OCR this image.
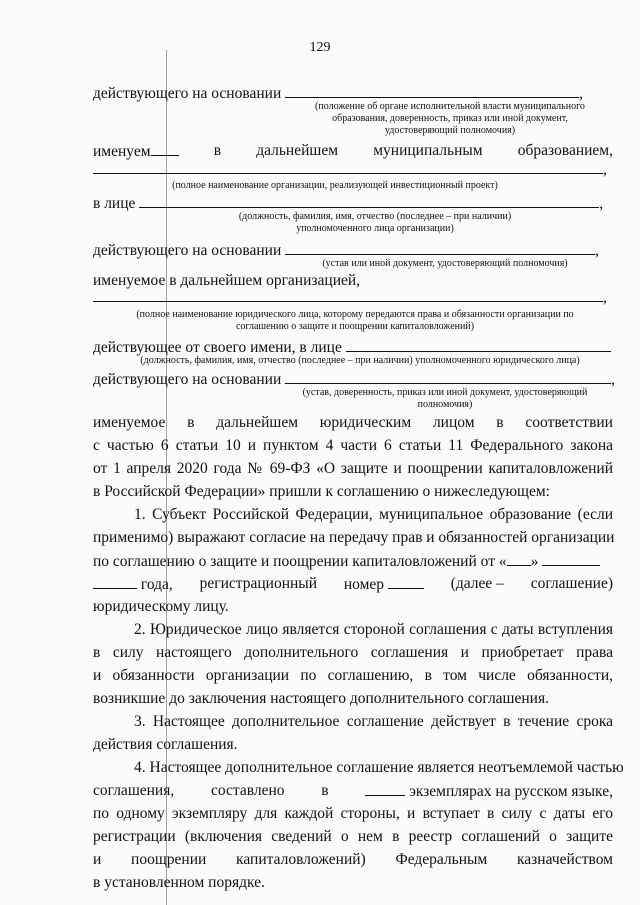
129
действующего на основании	,
(положение об органе исполнительной власти муниципального
образования, доверенность, приказ или иной документ,
удостоверяющий полномочия)
именуем	в дальнейшем муниципальным образованием,
,
(полное наименование организации, реализующей инвестиционный проект)
в лице	,
(должность, фамилия, имя, отчество (последнее – при наличии)
уполномоченного лица организации)
действующего на основании	,
(устав или иной документ, удостоверяющий полномочия)
именуемое в дальнейшем организацией,
,
(полное наименование юридического лица, которому передаются права и обязанности организации по
соглашению о защите и поощрении капиталовложений)
действующее от своего имени, в лице
(должность, фамилия, имя, отчество (последнее – при наличии) уполномоченного юридического лица)
действующего на основании	,
(устав, доверенность, приказ или иной документ, удостоверяющий
полномочия)
именуемое в дальнейшем юридическим лицом в соответствии
с частью 6 статьи 10 и пунктом 4 части 6 статьи 11 Федерального закона
от 1 апреля 2020 года № 69-ФЗ «О защите и поощрении капиталовложений
в Российской Федерации» пришли к соглашению о нижеследующем:
1. Субъект Российской Федерации, муниципальное образование (если
применимо) выражают согласие на передачу прав и обязанностей организации
по соглашению о защите и поощрении капиталовложений от « »
года, регистрационный номер	(далее – соглашение)
юридическому лицу.
2. Юридическое лицо является стороной соглашения с даты вступления
в силу настоящего дополнительного соглашения и приобретает права
и обязанности организации по соглашению, в том числе обязанности,
возникшие до заключения настоящего дополнительного соглашения.
3. Настоящее дополнительное соглашение действует в течение срока
действия соглашения.
4. Настоящее дополнительное соглашение является неотъемлемой частью
соглашения, составлено в	экземплярах на русском языке,
по одному экземпляру для каждой стороны, и вступает в силу с даты его
регистрации (включения сведений о нем в реестр соглашений о защите
и поощрении капиталовложений) Федеральным казначейством
в установленном порядке.
